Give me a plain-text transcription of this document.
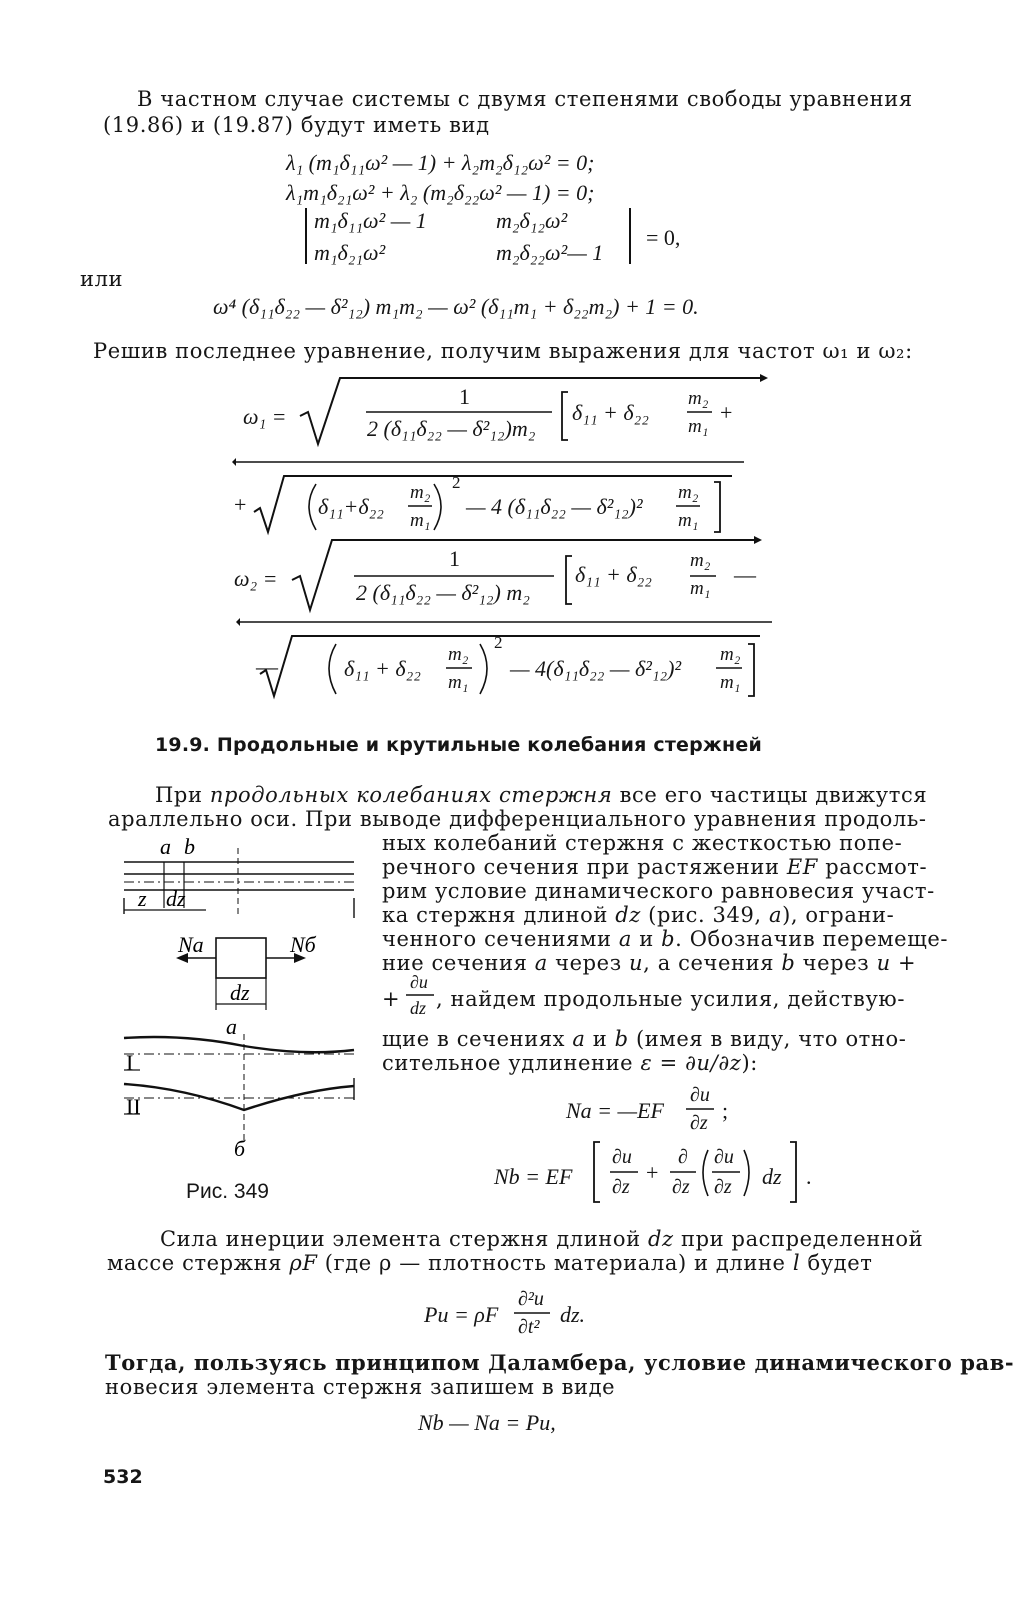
В частном случае системы с двумя степенями свободы уравнения
(19.86) и (19.87) будут иметь вид
λ₁ (m₁δ₁₁ω² — 1) + λ₂m₂δ₁₂ω² = 0;
λ₁m₁δ₂₁ω² + λ₂ (m₂δ₂₂ω² — 1) = 0;
m₁δ₁₁ω² — 1	m₂δ₁₂ω²
m₁δ₂₁ω²	m₂δ₂₂ω²— 1
= 0,
или
ω⁴ (δ₁₁δ₂₂ — δ²₁₂) m₁m₂ — ω² (δ₁₁m₁ + δ₂₂m₂) + 1 = 0.
Решив последнее уравнение, получим выражения для частот ω₁ и ω₂:
ω₁ =
1
2 (δ₁₁δ₂₂ — δ²₁₂)m₂
δ₁₁ + δ₂₂
m₂
m₁
+
+	δ₁₁+δ₂₂
m₂
m₁
2
— 4 (δ₁₁δ₂₂ — δ²₁₂)²
m₂
m₁
ω₂ =
1
2 (δ₁₁δ₂₂ — δ²₁₂) m₂
δ₁₁ + δ₂₂
m₂
m₁
—
—	δ₁₁ + δ₂₂
m₂
m₁
2
— 4(δ₁₁δ₂₂ — δ²₁₂)²
m₂
m₁
19.9. Продольные и крутильные колебания стержней
При продольных колебаниях стержня все его частицы движутся
араллельно оси. При выводе дифференциального уравнения продоль-
ных колебаний стержня с жесткостью попе-
речного сечения при растяжении EF рассмот-
рим условие динамического равновесия участ-
ка стержня длиной dz (рис. 349, а), ограни-
ченного сечениями a и b. Обозначив перемеще-
ние сечения a через u, а сечения b через u +
+
∂u
dz , найдем продольные усилия, действую-
щие в сечениях a и b (имея в виду, что отно-
сительное удлинение ε = ∂u/∂z):
Na = —EF
∂u
∂z ;
Nb = EF
∂u
∂z
+
∂
∂z
∂u
∂z dz .
a b
z dz
Na	Nб
dz
а
I
II
б
Рис. 349
Сила инерции элемента стержня длиной dz при распределенной
массе стержня ρF (где ρ — плотность материала) и длине l будет
Pи = ρF
∂²u
∂t² dz.
Тогда, пользуясь принципом Даламбера, условие динамического рав-
новесия элемента стержня запишем в виде
Nb — Na = Pи,
532
